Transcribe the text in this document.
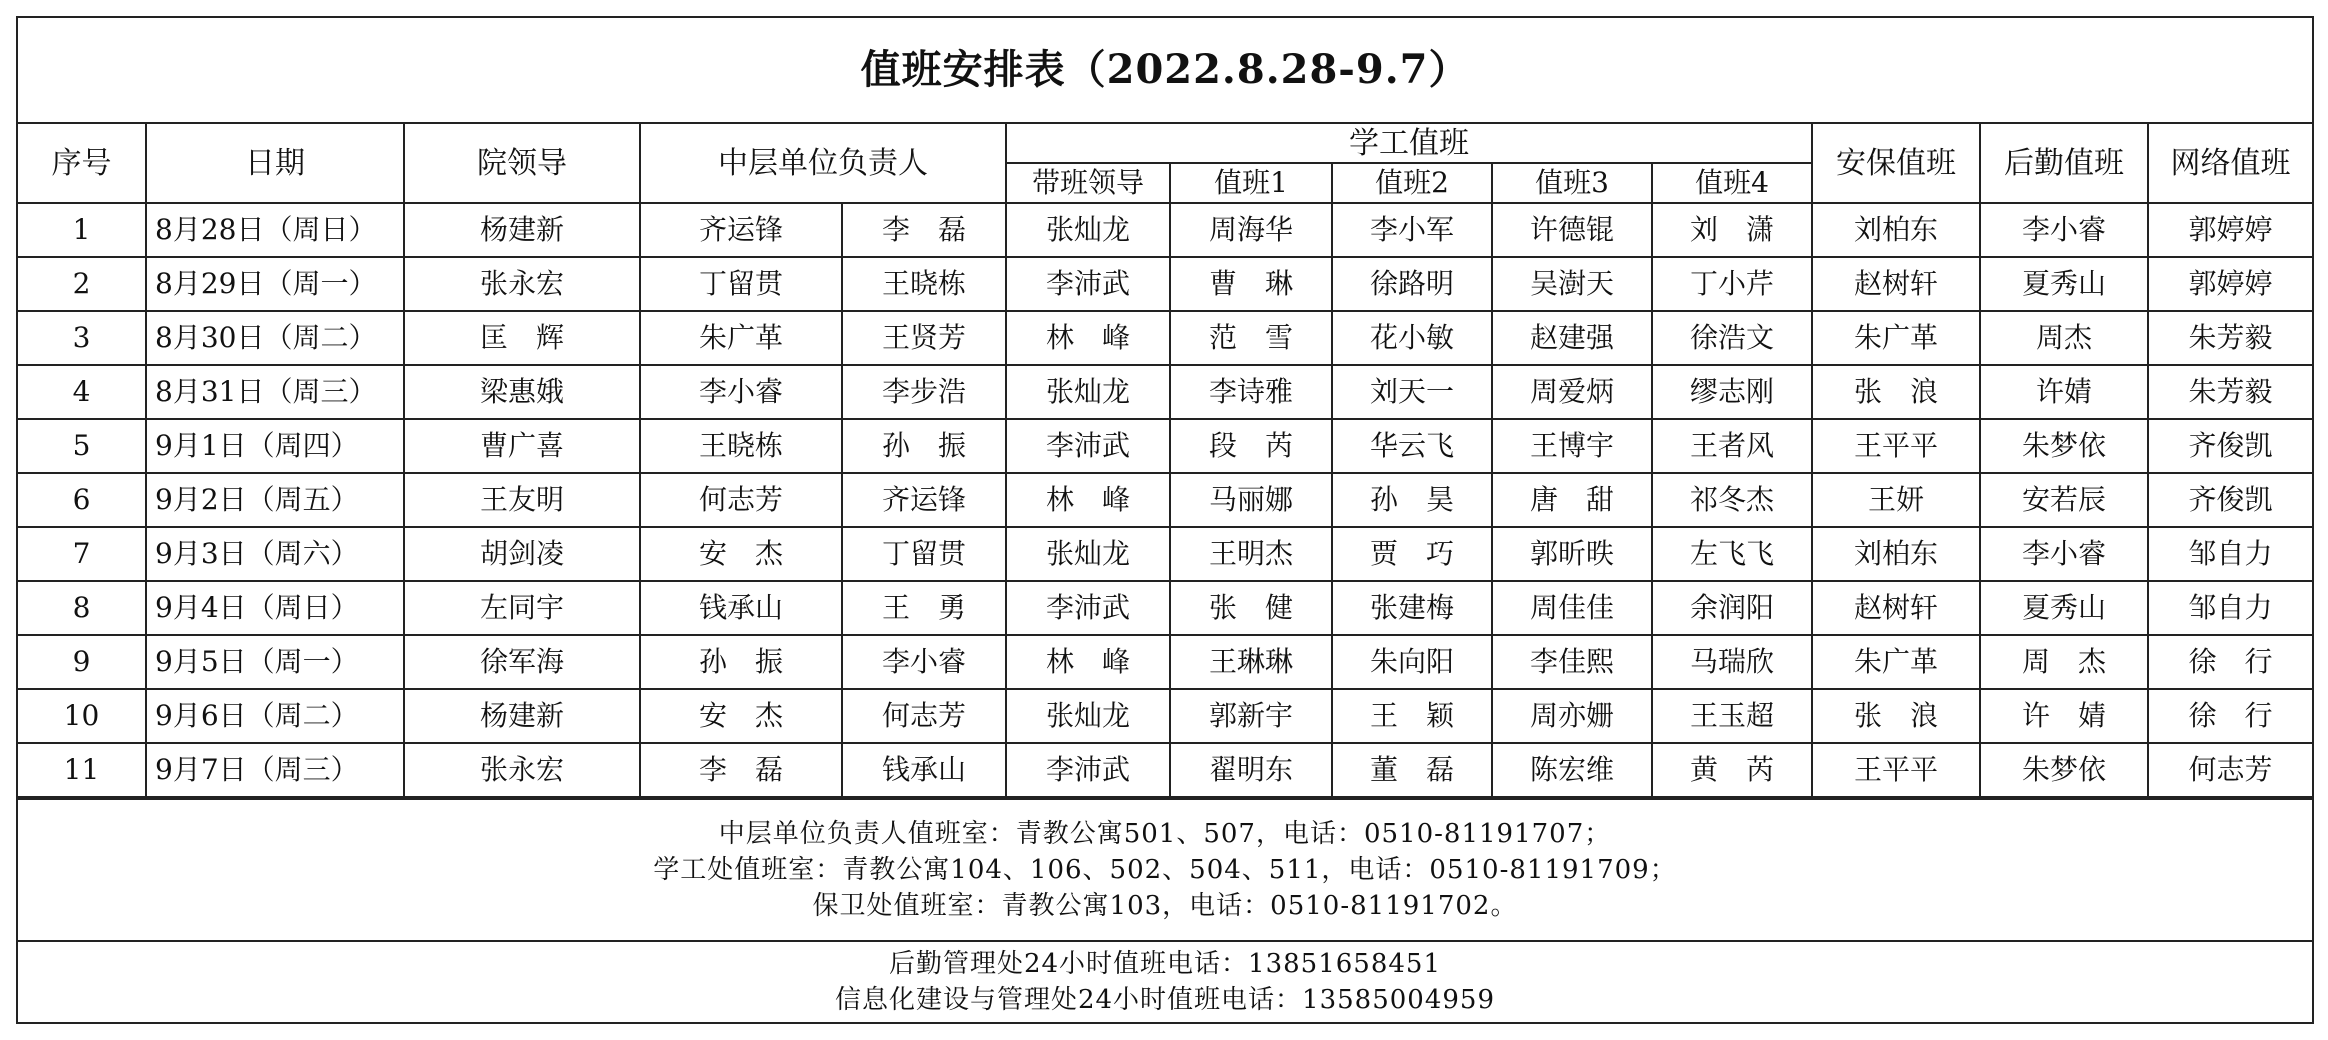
值班安排表（2022.8.28-9.7）												
序号	日期	院领导	中层单位负责人		学工值班					安保值班	后勤值班	网络值班
					带班领导	值班1	值班2	值班3	值班4			
1	8月28日（周日）	杨建新	齐运锋	李　磊	张灿龙	周海华	李小军	许德锟	刘　潇	刘柏东	李小睿	郭婷婷
2	8月29日（周一）	张永宏	丁留贯	王晓栋	李沛武	曹　琳	徐路明	吴澍天	丁小芹	赵树轩	夏秀山	郭婷婷
3	8月30日（周二）	匡　辉	朱广革	王贤芳	林　峰	范　雪	花小敏	赵建强	徐浩文	朱广革	周杰	朱芳毅
4	8月31日（周三）	梁惠娥	李小睿	李步浩	张灿龙	李诗雅	刘天一	周爱炳	缪志刚	张　浪	许婧	朱芳毅
5	9月1日（周四）	曹广喜	王晓栋	孙　振	李沛武	段　芮	华云飞	王博宇	王者风	王平平	朱梦依	齐俊凯
6	9月2日（周五）	王友明	何志芳	齐运锋	林　峰	马丽娜	孙　昊	唐　甜	祁冬杰	王妍	安若辰	齐俊凯
7	9月3日（周六）	胡剑凌	安　杰	丁留贯	张灿龙	王明杰	贾　巧	郭昕昳	左飞飞	刘柏东	李小睿	邹自力
8	9月4日（周日）	左同宇	钱承山	王　勇	李沛武	张　健	张建梅	周佳佳	余润阳	赵树轩	夏秀山	邹自力
9	9月5日（周一）	徐军海	孙　振	李小睿	林　峰	王琳琳	朱向阳	李佳熙	马瑞欣	朱广革	周　杰	徐　行
10	9月6日（周二）	杨建新	安　杰	何志芳	张灿龙	郭新宇	王　颖	周亦姗	王玉超	张　浪	许　婧	徐　行
11	9月7日（周三）	张永宏	李　磊	钱承山	李沛武	翟明东	董　磊	陈宏维	黄　芮	王平平	朱梦依	何志芳
中层单位负责人值班室：青教公寓501、507，电话：0510-81191707；
学工处值班室：青教公寓104、106、502、504、511，电话：0510-81191709；
保卫处值班室：青教公寓103，电话：0510-81191702。
后勤管理处24小时值班电话：13851658451
信息化建设与管理处24小时值班电话：13585004959
